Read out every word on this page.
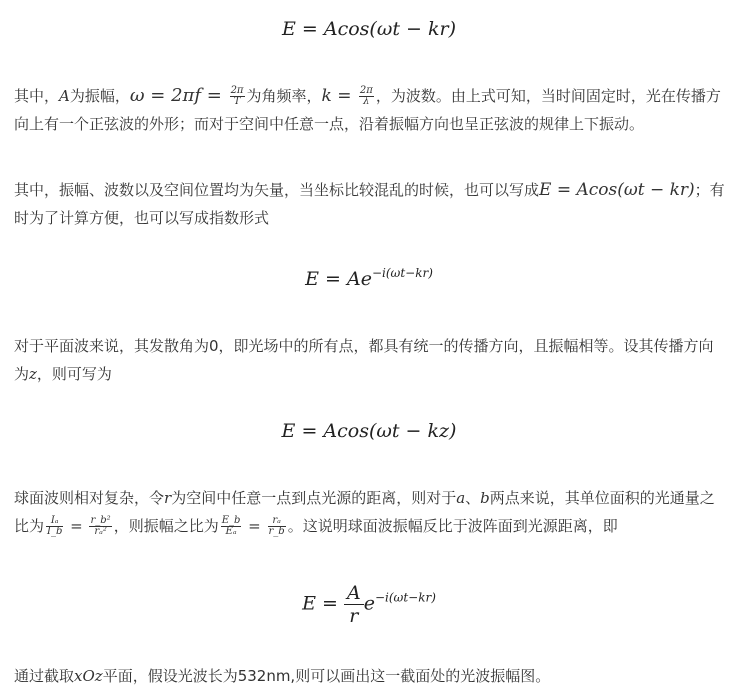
E = Acos(ωt − kr)
其中，A为振幅，$\omega = 2\pi f = \frac{2\pi}{T}$ 为角频率，$k = \frac{2\pi}{\lambda}$ ，为波数。由上式可知，当时间固定时，光在传播方向上有一个正弦波的外形；而对于空间中任意一点，沿着振幅方向也呈正弦波的规律上下振动。
其中，振幅、波数以及空间位置均为矢量，当坐标比较混乱的时候，也可以写成E = Acos(ωt − kr)；有时为了计算方便，也可以写成指数形式
$E = Ae^{-i(\omega t-kr)}$
对于平面波来说，其发散角为0，即光场中的所有点，都具有统一的传播方向，且振幅相等。设其传播方向为z，则可写为
E = Acos(ωt − kz)
球面波则相对复杂，令r为空间中任意一点到点光源的距离，则对于a、b两点来说，其单位面积的光通量之比为 $\frac{\text{Iₐ}}{I\_b} = \frac{\text{r\_b²}}{\text{rₐ²}}$ ，则振幅之比为 $\frac{E\_b}{\text{Eₐ}} = \frac{\text{rₐ}}{r\_b}$ 。这说明球面波振幅反比于波阵面到光源距离，即
$E = \frac{A}{r} e^{-i(\omega t-kr)}$
通过截取xOz平面，假设光波长为532nm,则可以画出这一截面处的光波振幅图。
